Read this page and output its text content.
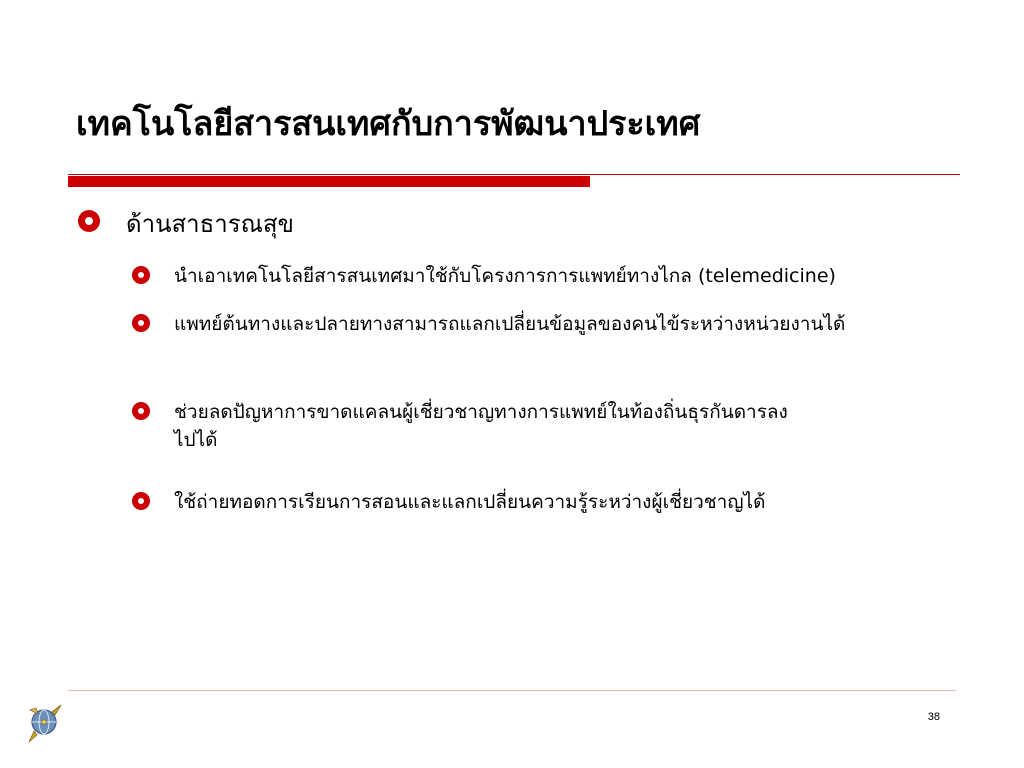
เทคโนโลยีสารสนเทศกับการพัฒนาประเทศ
ด้านสาธารณสุข
นำเอาเทคโนโลยีสารสนเทศมาใช้กับโครงการการแพทย์ทางไกล (telemedicine)
แพทย์ต้นทางและปลายทางสามารถแลกเปลี่ยนข้อมูลของคนไข้ระหว่างหน่วยงานได้
ช่วยลดปัญหาการขาดแคลนผู้เชี่ยวชาญทางการแพทย์ในท้องถิ่นธุรกันดารลงไปได้
ใช้ถ่ายทอดการเรียนการสอนและแลกเปลี่ยนความรู้ระหว่างผู้เชี่ยวชาญได้
38
